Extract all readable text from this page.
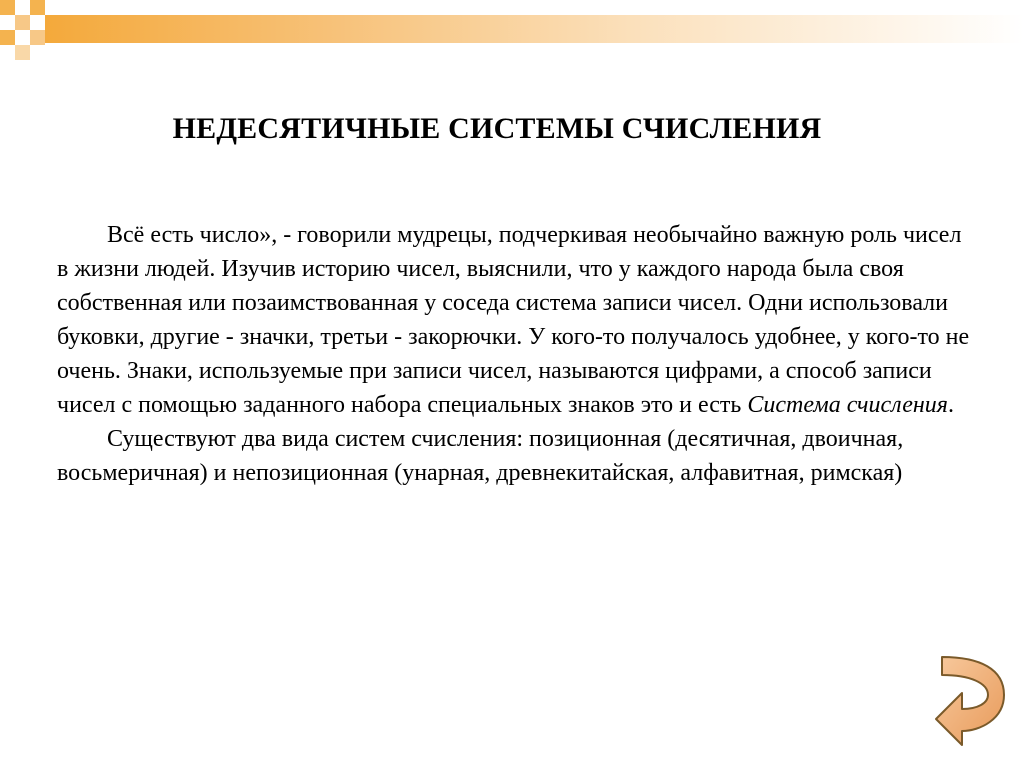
НЕДЕСЯТИЧНЫЕ СИСТЕМЫ СЧИСЛЕНИЯ

Всё есть число», - говорили мудрецы, подчеркивая необычайно важную роль чисел в жизни людей. Изучив историю чисел, выяснили, что у каждого народа была своя собственная или позаимствованная у соседа система записи чисел. Одни использовали буковки, другие - значки, третьи - закорючки. У кого-то получалось удобнее, у кого-то не очень. Знаки, используемые при записи чисел, называются цифрами, а способ записи чисел с помощью заданного набора специальных знаков это и есть Система счисления.

Существуют два вида систем счисления: позиционная (десятичная, двоичная, восьмеричная) и непозиционная (унарная, древнекитайская, алфавитная, римская)
